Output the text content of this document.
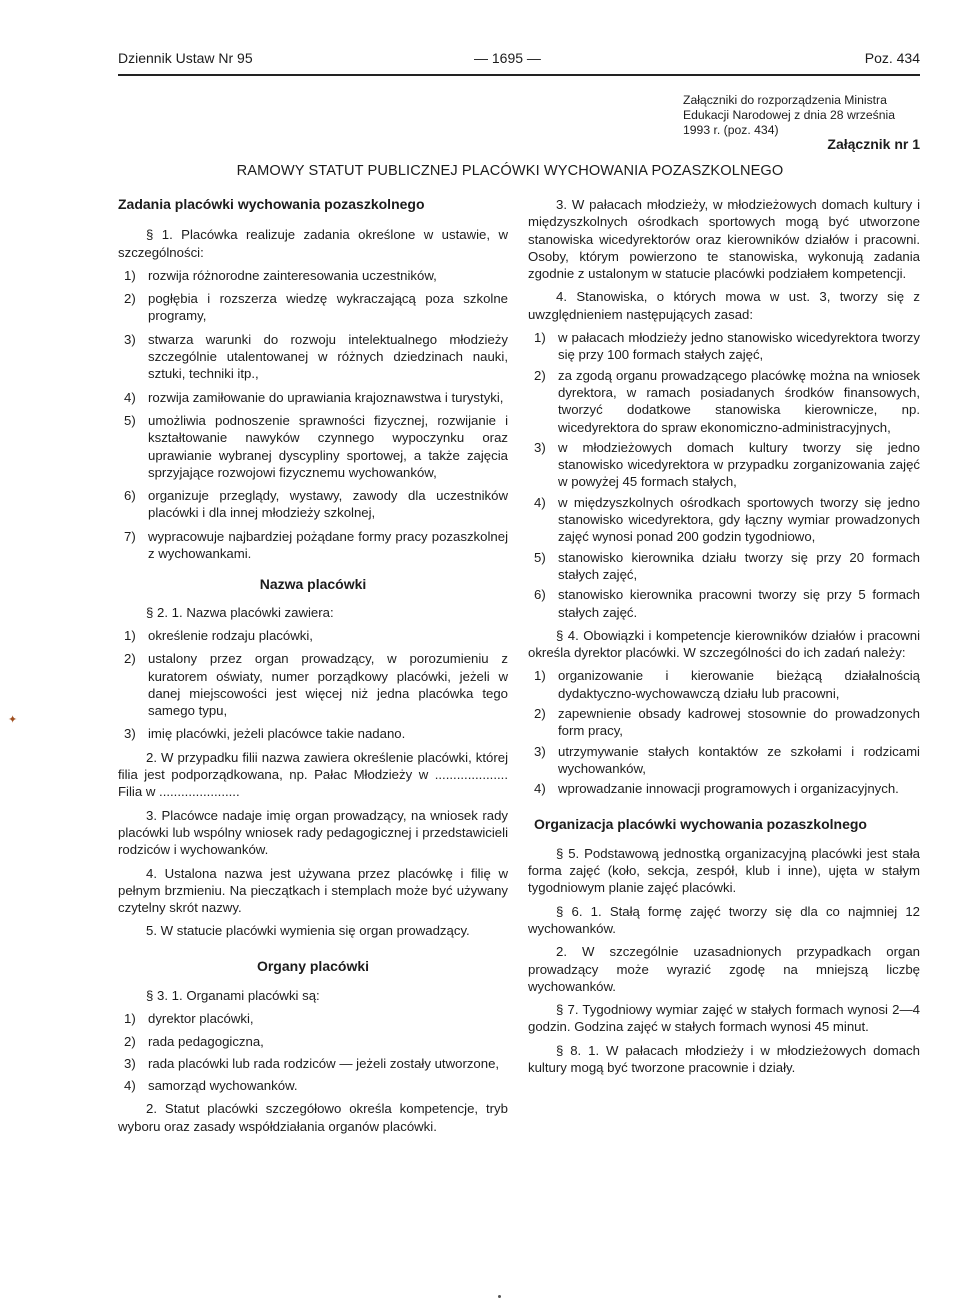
Dziennik Ustaw Nr 95	— 1695 —	Poz. 434
Załączniki do rozporządzenia Ministra Edukacji Narodowej z dnia 28 września 1993 r. (poz. 434)
Załącznik nr 1
RAMOWY STATUT PUBLICZNEJ PLACÓWKI WYCHOWANIA POZASZKOLNEGO

Zadania placówki wychowania pozaszkolnego

§ 1. Placówka realizuje zadania określone w ustawie, w szczególności:

1) rozwija różnorodne zainteresowania uczestników,
2) pogłębia i rozszerza wiedzę wykraczającą poza szkolne programy,
3) stwarza warunki do rozwoju intelektualnego młodzieży szczególnie utalentowanej w różnych dziedzinach nauki, sztuki, techniki itp.,
4) rozwija zamiłowanie do uprawiania krajoznawstwa i turystyki,
5) umożliwia podnoszenie sprawności fizycznej, rozwijanie i kształtowanie nawyków czynnego wypoczynku oraz uprawianie wybranej dyscypliny sportowej, a także zajęcia sprzyjające rozwojowi fizycznemu wychowanków,
6) organizuje przeglądy, wystawy, zawody dla uczestników placówki i dla innej młodzieży szkolnej,
7) wypracowuje najbardziej pożądane formy pracy pozaszkolnej z wychowankami.

Nazwa placówki

§ 2. 1. Nazwa placówki zawiera:

1) określenie rodzaju placówki,
2) ustalony przez organ prowadzący, w porozumieniu z kuratorem oświaty, numer porządkowy placówki, jeżeli w danej miejscowości jest więcej niż jedna placówka tego samego typu,
3) imię placówki, jeżeli placówce takie nadano.

2. W przypadku filii nazwa zawiera określenie placówki, której filia jest podporządkowana, np. Pałac Młodzieży w .................... Filia w ......................

3. Placówce nadaje imię organ prowadzący, na wniosek rady placówki lub wspólny wniosek rady pedagogicznej i przedstawicieli rodziców i wychowanków.

4. Ustalona nazwa jest używana przez placówkę i filię w pełnym brzmieniu. Na pieczątkach i stemplach może być używany czytelny skrót nazwy.

5. W statucie placówki wymienia się organ prowadzący.

Organy placówki

§ 3. 1. Organami placówki są:

1) dyrektor placówki,
2) rada pedagogiczna,
3) rada placówki lub rada rodziców — jeżeli zostały utworzone,
4) samorząd wychowanków.

2. Statut placówki szczegółowo określa kompetencje, tryb wyboru oraz zasady współdziałania organów placówki.

3. W pałacach młodzieży, w młodzieżowych domach kultury i międzyszkolnych ośrodkach sportowych mogą być utworzone stanowiska wicedyrektorów oraz kierowników działów i pracowni. Osoby, którym powierzono te stanowiska, wykonują zadania zgodnie z ustalonym w statucie placówki podziałem kompetencji.

4. Stanowiska, o których mowa w ust. 3, tworzy się z uwzględnieniem następujących zasad:

1) w pałacach młodzieży jedno stanowisko wicedyrektora tworzy się przy 100 formach stałych zajęć,
2) za zgodą organu prowadzącego placówkę można na wniosek dyrektora, w ramach posiadanych środków finansowych, tworzyć dodatkowe stanowiska kierownicze, np. wicedyrektora do spraw ekonomiczno-administracyjnych,
3) w młodzieżowych domach kultury tworzy się jedno stanowisko wicedyrektora w przypadku zorganizowania zajęć w powyżej 45 formach stałych,
4) w międzyszkolnych ośrodkach sportowych tworzy się jedno stanowisko wicedyrektora, gdy łączny wymiar prowadzonych zajęć wynosi ponad 200 godzin tygodniowo,
5) stanowisko kierownika działu tworzy się przy 20 formach stałych zajęć,
6) stanowisko kierownika pracowni tworzy się przy 5 formach stałych zajęć.

§ 4. Obowiązki i kompetencje kierowników działów i pracowni określa dyrektor placówki. W szczególności do ich zadań należy:

1) organizowanie i kierowanie bieżącą działalnością dydaktyczno-wychowawczą działu lub pracowni,
2) zapewnienie obsady kadrowej stosownie do prowadzonych form pracy,
3) utrzymywanie stałych kontaktów ze szkołami i rodzicami wychowanków,
4) wprowadzanie innowacji programowych i organizacyjnych.

Organizacja placówki wychowania pozaszkolnego

§ 5. Podstawową jednostką organizacyjną placówki jest stała forma zajęć (koło, sekcja, zespół, klub i inne), ujęta w stałym tygodniowym planie zajęć placówki.

§ 6. 1. Stałą formę zajęć tworzy się dla co najmniej 12 wychowanków.

2. W szczególnie uzasadnionych przypadkach organ prowadzący może wyrazić zgodę na mniejszą liczbę wychowanków.

§ 7. Tygodniowy wymiar zajęć w stałych formach wynosi 2—4 godzin. Godzina zajęć w stałych formach wynosi 45 minut.

§ 8. 1. W pałacach młodzieży i w młodzieżowych domach kultury mogą być tworzone pracownie i działy.

✦
